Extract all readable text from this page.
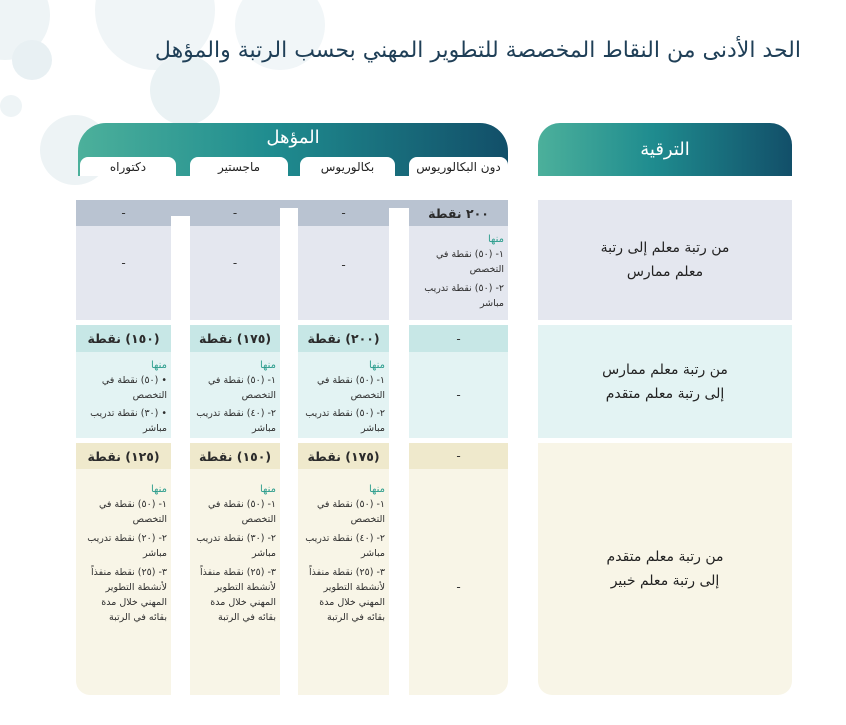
الحد الأدنى من النقاط المخصصة للتطوير المهني بحسب الرتبة والمؤهل
الترقية
المؤهل
دون البكالوريوس
بكالوريوس
ماجستير
دكتوراه
٢٠٠ نقطة
منها
١- (٥٠) نقطة في التخصص
٢- (٥٠) نقطة تدريب مباشر
-
-
-
-
-
-
من رتبة معلم إلى رتبة
معلم ممارس
-
-
(٢٠٠) نقطة
منها
١- (٥٠) نقطة في التخصص
٢- (٥٠) نقطة تدريب مباشر
(١٧٥) نقطة
منها
١- (٥٠) نقطة في التخصص
٢- (٤٠) نقطة تدريب مباشر
(١٥٠) نقطة
منها
• (٥٠) نقطة في التخصص
• (٣٠) نقطة تدريب مباشر
من رتبة معلم ممارس
إلى رتبة معلم متقدم
-
-
(١٧٥) نقطة
منها
١- (٥٠) نقطة في التخصص
٢- (٤٠) نقطة تدريب مباشر
٣- (٢٥) نقطة منفذاً لأنشطة التطوير المهني خلال مدة بقائه في الرتبة
(١٥٠) نقطة
منها
١- (٥٠) نقطة في التخصص
٢- (٣٠) نقطة تدريب مباشر
٣- (٢٥) نقطة منفذاً لأنشطة التطوير المهني خلال مدة بقائه في الرتبة
(١٢٥) نقطة
منها
١- (٥٠) نقطة في التخصص
٢- (٢٠) نقطة تدريب مباشر
٣- (٢٥) نقطة منفذاً لأنشطة التطوير المهني خلال مدة بقائه في الرتبة
من رتبة معلم متقدم
إلى رتبة معلم خبير
